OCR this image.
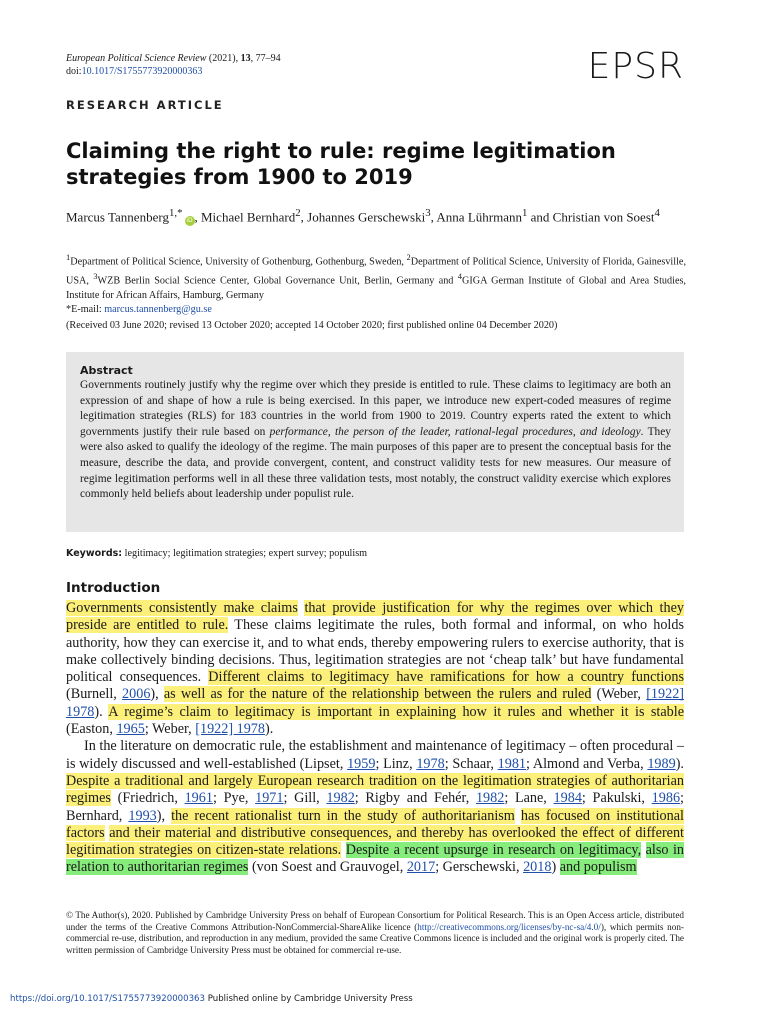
European Political Science Review (2021), 13, 77–94
doi:10.1017/S1755773920000363	EPSR
RESEARCH ARTICLE
Claiming the right to rule: regime legitimation strategies from 1900 to 2019
Marcus Tannenberg$^{1,*}$iD , Michael Bernhard$^2$, Johannes Gerschewski$^3$, Anna Lührmann$^1$ and Christian von Soest$^4$
$^1$Department of Political Science, University of Gothenburg, Gothenburg, Sweden, $^2$Department of Political Science, University of Florida, Gainesville, USA, $^3$WZB Berlin Social Science Center, Global Governance Unit, Berlin, Germany and $^4$GIGA German Institute of Global and Area Studies, Institute for African Affairs, Hamburg, Germany
*E-mail: marcus.tannenberg@gu.se
(Received 03 June 2020; revised 13 October 2020; accepted 14 October 2020; first published online 04 December 2020)
Abstract
Governments routinely justify why the regime over which they preside is entitled to rule. These claims to legitimacy are both an expression of and shape of how a rule is being exercised. In this paper, we introduce new expert-coded measures of regime legitimation strategies (RLS) for 183 countries in the world from 1900 to 2019. Country experts rated the extent to which governments justify their rule based on performance, the person of the leader, rational-legal procedures, and ideology. They were also asked to qualify the ideology of the regime. The main purposes of this paper are to present the conceptual basis for the measure, describe the data, and provide convergent, content, and construct validity tests for new measures. Our measure of regime legitimation performs well in all these three validation tests, most notably, the construct validity exercise which explores commonly held beliefs about leadership under populist rule.
Keywords: legitimacy; legitimation strategies; expert survey; populism
Introduction

Governments consistently make claims that provide justification for why the regimes over which they preside are entitled to rule. These claims legitimate the rules, both formal and informal, on who holds authority, how they can exercise it, and to what ends, thereby empowering rulers to exercise authority, that is make collectively binding decisions. Thus, legitimation strategies are not ‘cheap talk’ but have fundamental political consequences. Different claims to legitimacy have ramifications for how a country functions (Burnell, 2006), as well as for the nature of the relationship between the rulers and ruled (Weber, [1922] 1978). A regime’s claim to legitimacy is important in explaining how it rules and whether it is stable (Easton, 1965; Weber, [1922] 1978).

In the literature on democratic rule, the establishment and maintenance of legitimacy – often procedural – is widely discussed and well-established (Lipset, 1959; Linz, 1978; Schaar, 1981; Almond and Verba, 1989). Despite a traditional and largely European research tradition on the legitimation strategies of authoritarian regimes (Friedrich, 1961; Pye, 1971; Gill, 1982; Rigby and Fehér, 1982; Lane, 1984; Pakulski, 1986; Bernhard, 1993), the recent rationalist turn in the study of authoritarianism has focused on institutional factors and their material and distributive consequences, and thereby has overlooked the effect of different legitimation strategies on citizen-state relations. Despite a recent upsurge in research on legitimacy, also in relation to authoritarian regimes (von Soest and Grauvogel, 2017; Gerschewski, 2018) and populism

© The Author(s), 2020. Published by Cambridge University Press on behalf of European Consortium for Political Research. This is an Open Access article, distributed under the terms of the Creative Commons Attribution-NonCommercial-ShareAlike licence (http://creativecommons.org/licenses/by-nc-sa/4.0/), which permits non-commercial re-use, distribution, and reproduction in any medium, provided the same Creative Commons licence is included and the original work is properly cited. The written permission of Cambridge University Press must be obtained for commercial re-use.
https://doi.org/10.1017/S1755773920000363 Published online by Cambridge University Press
